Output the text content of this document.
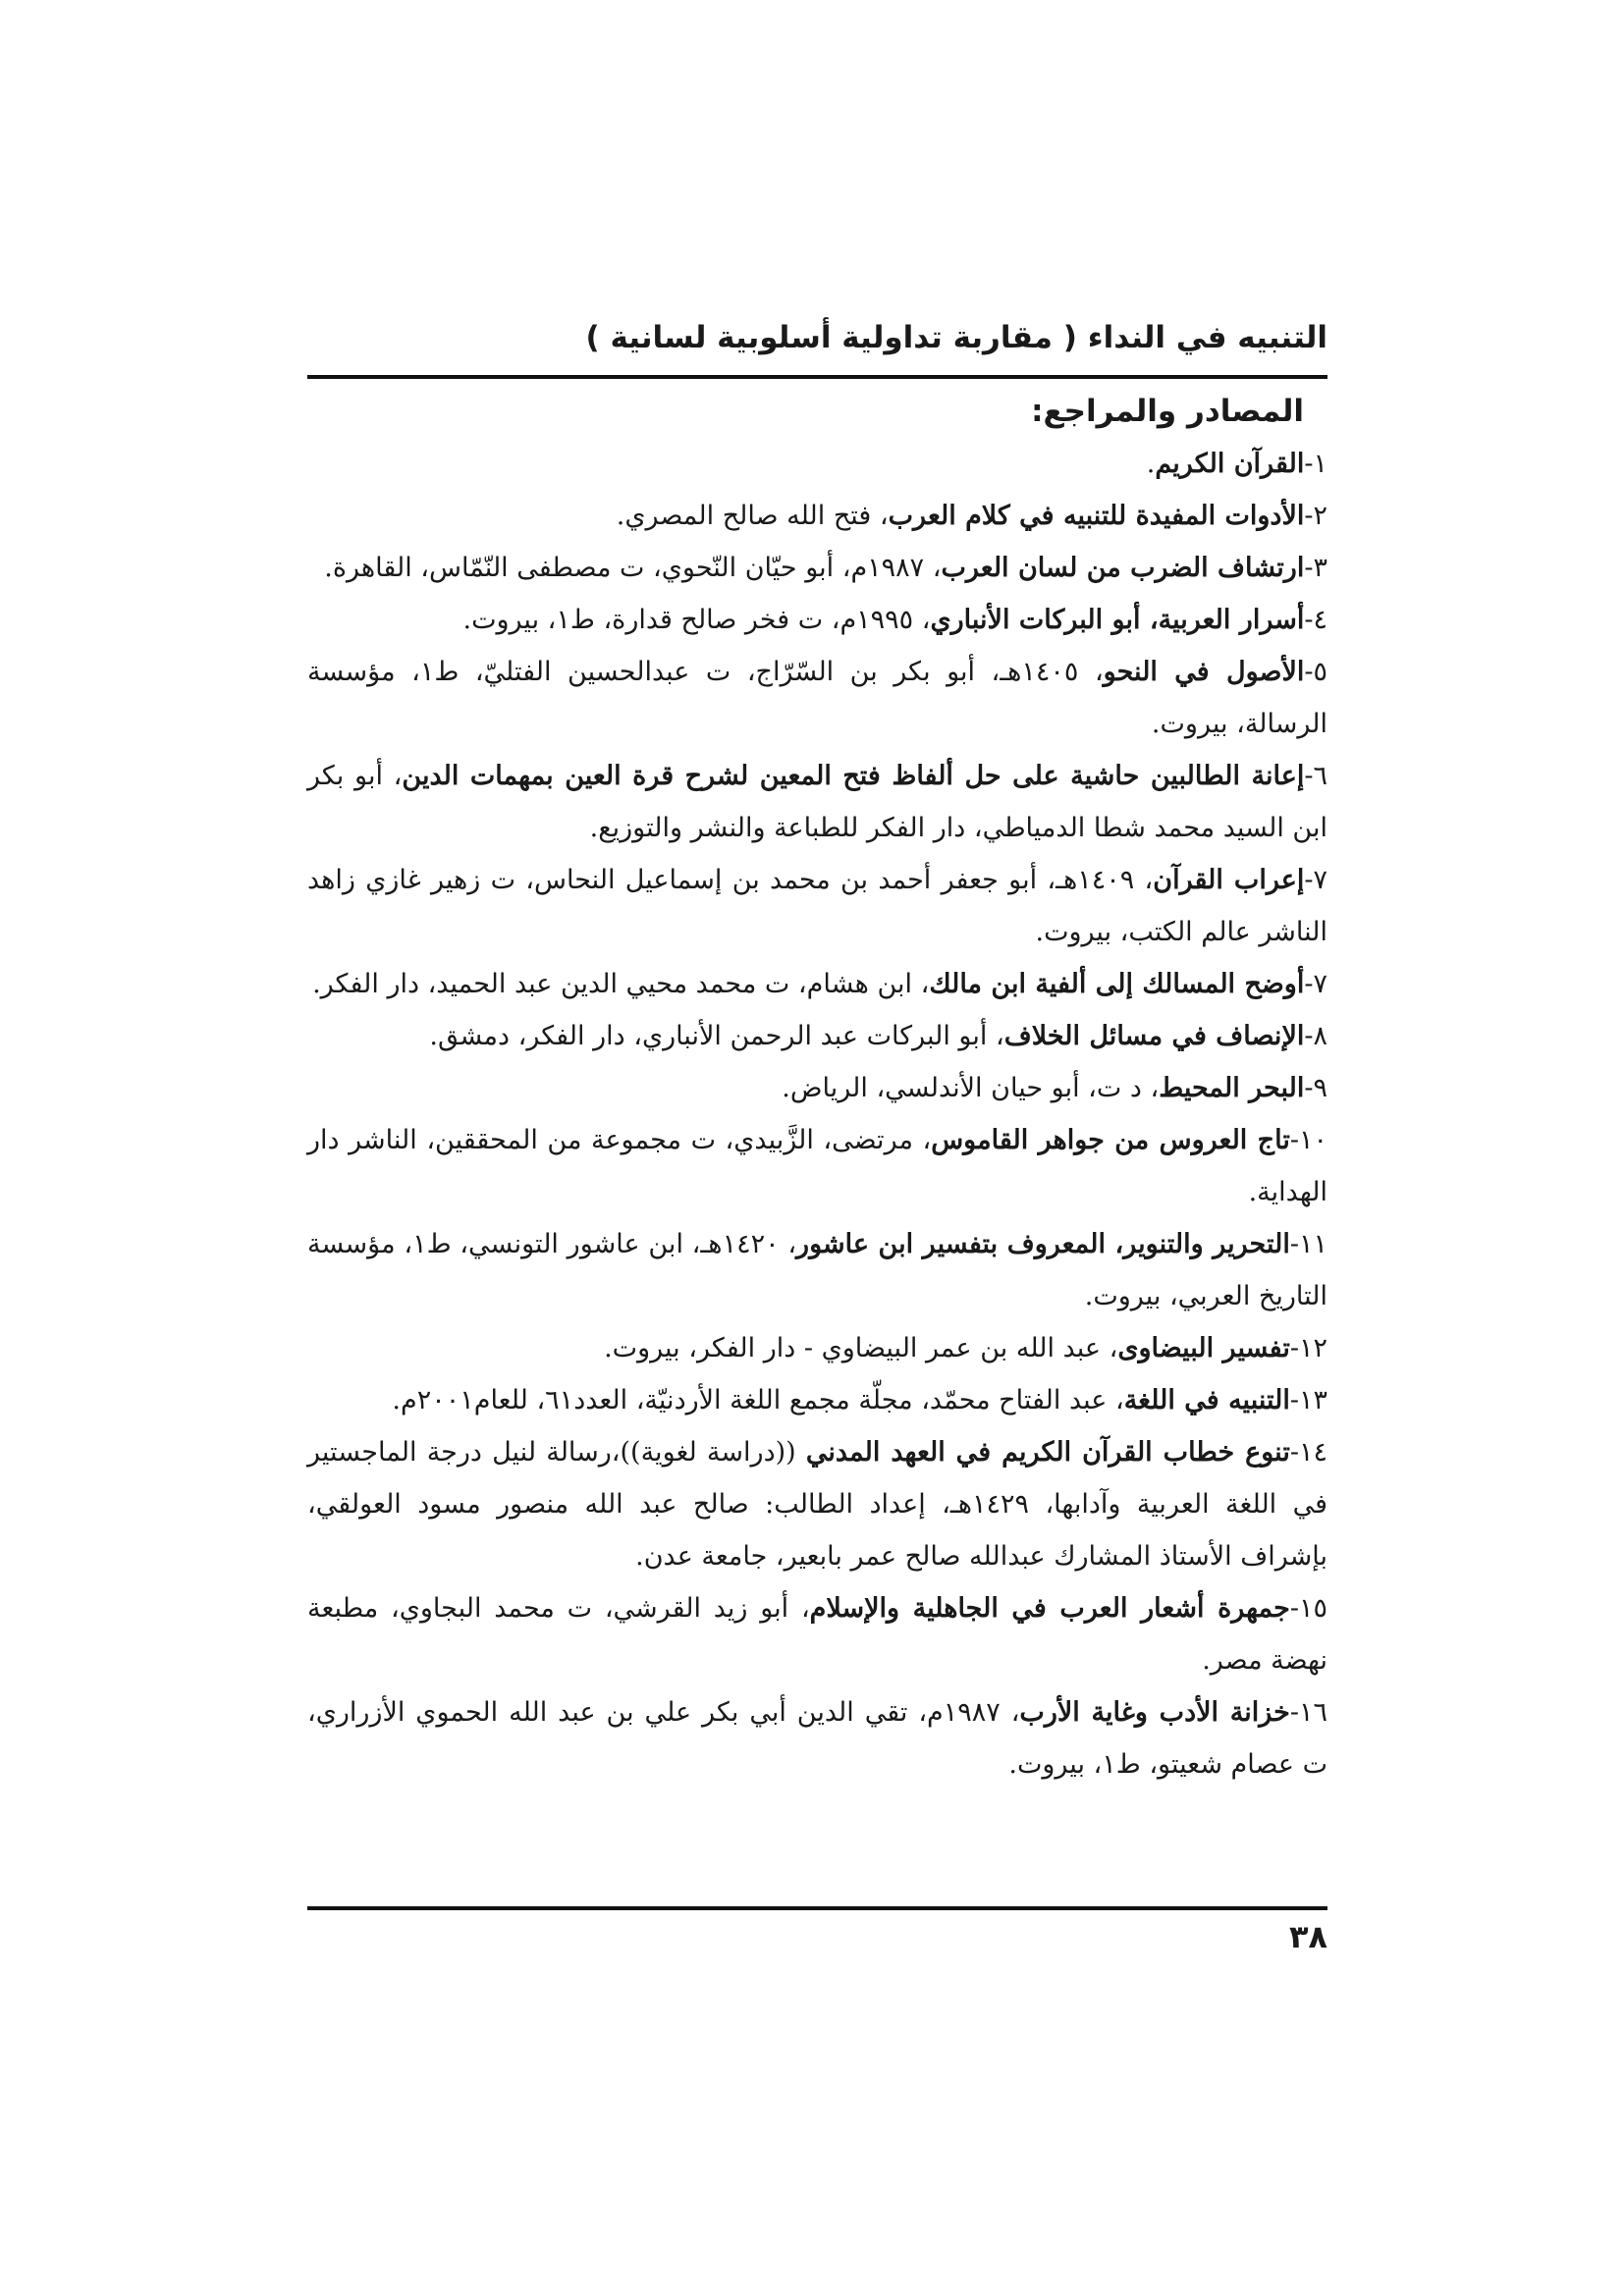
التنبيه في النداء ( مقاربة تداولية أسلوبية لسانية )
المصادر والمراجع:

١-القرآن الكريم.

٢-الأدوات المفيدة للتنبيه في كلام العرب، فتح الله صالح المصري.

٣-ارتشاف الضرب من لسان العرب، ١٩٨٧م، أبو حيّان النّحوي، ت مصطفى النّمّاس، القاهرة.

٤-أسرار العربية، أبو البركات الأنباري، ١٩٩٥م، ت فخر صالح قدارة، ط١، بيروت.

٥-الأصول في النحو، ١٤٠٥هـ، أبو بكر بن السّرّاج، ت عبدالحسين الفتليّ، ط١، مؤسسة الرسالة، بيروت.

٦-إعانة الطالبين حاشية على حل ألفاظ فتح المعين لشرح قرة العين بمهمات الدين، أبو بكر ابن السيد محمد شطا الدمياطي، دار الفكر للطباعة والنشر والتوزيع.

٧-إعراب القرآن، ١٤٠٩هـ، أبو جعفر أحمد بن محمد بن إسماعيل النحاس، ت زهير غازي زاهد الناشر عالم الكتب، بيروت.

٧-أوضح المسالك إلى ألفية ابن مالك، ابن هشام، ت محمد محيي الدين عبد الحميد، دار الفكر.

٨-الإنصاف في مسائل الخلاف، أبو البركات عبد الرحمن الأنباري، دار الفكر، دمشق.

٩-البحر المحيط، د ت، أبو حيان الأندلسي، الرياض.

١٠-تاج العروس من جواهر القاموس، مرتضى، الزَّبيدي، ت مجموعة من المحققين، الناشر دار الهداية.

١١-التحرير والتنوير، المعروف بتفسير ابن عاشور، ١٤٢٠هـ، ابن عاشور التونسي، ط١، مؤسسة التاريخ العربي، بيروت.

١٢-تفسير البيضاوى، عبد الله بن عمر البيضاوي - دار الفكر، بيروت.

١٣-التنبيه في اللغة، عبد الفتاح محمّد، مجلّة مجمع اللغة الأردنيّة، العدد٦١، للعام٢٠٠١م.

١٤-تنوع خطاب القرآن الكريم في العهد المدني ((دراسة لغوية))،رسالة لنيل درجة الماجستير في اللغة العربية وآدابها، ١٤٢٩هـ، إعداد الطالب: صالح عبد الله منصور مسود العولقي، بإشراف الأستاذ المشارك عبدالله صالح عمر بابعير، جامعة عدن.

١٥-جمهرة أشعار العرب في الجاهلية والإسلام، أبو زيد القرشي، ت محمد البجاوي، مطبعة نهضة مصر.

١٦-خزانة الأدب وغاية الأرب، ١٩٨٧م، تقي الدين أبي بكر علي بن عبد الله الحموي الأزراري، ت عصام شعيتو، ط١، بيروت.

٣٨
